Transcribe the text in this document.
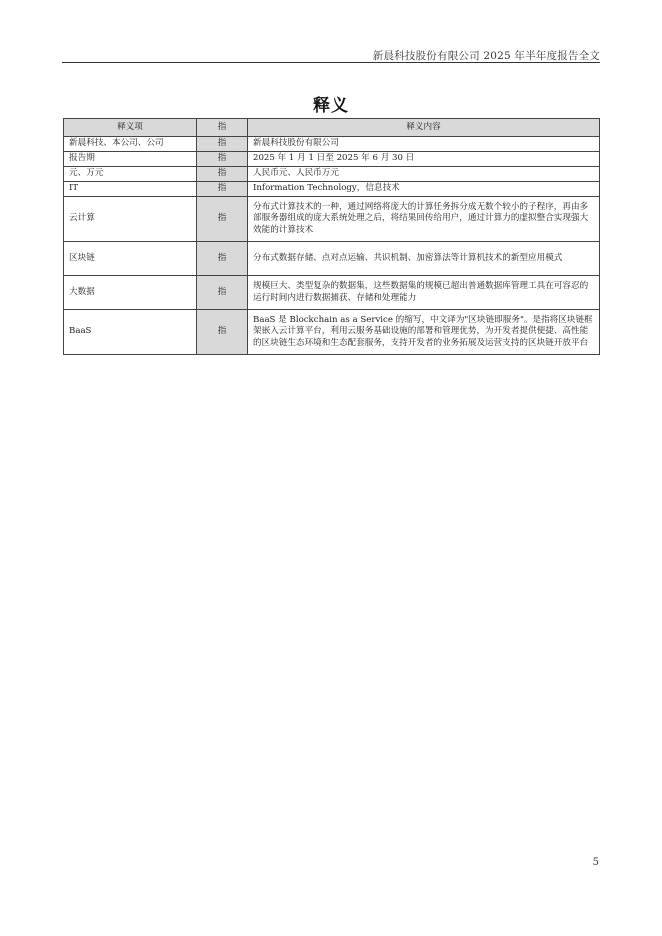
新晨科技股份有限公司 2025 年半年度报告全文
释义
释义项	指	释义内容
新晨科技、本公司、公司	指	新晨科技股份有限公司
报告期	指	2025 年 1 月 1 日至 2025 年 6 月 30 日
元、万元	指	人民币元、人民币万元
IT	指	Information Technology，信息技术
云计算	指	分布式计算技术的一种，通过网络将庞大的计算任务拆分成无数个较小的子程序，再由多部服务器组成的庞大系统处理之后，将结果回传给用户，通过计算力的虚拟整合实现强大效能的计算技术
区块链	指	分布式数据存储、点对点运输、共识机制、加密算法等计算机技术的新型应用模式
大数据	指	规模巨大、类型复杂的数据集，这些数据集的规模已超出普通数据库管理工具在可容忍的运行时间内进行数据捕获、存储和处理能力
BaaS	指	BaaS 是 Blockchain as a Service 的缩写，中文译为"区块链即服务"。是指将区块链框架嵌入云计算平台，利用云服务基础设施的部署和管理优势，为开发者提供便捷、高性能的区块链生态环境和生态配套服务，支持开发者的业务拓展及运营支持的区块链开放平台
5
